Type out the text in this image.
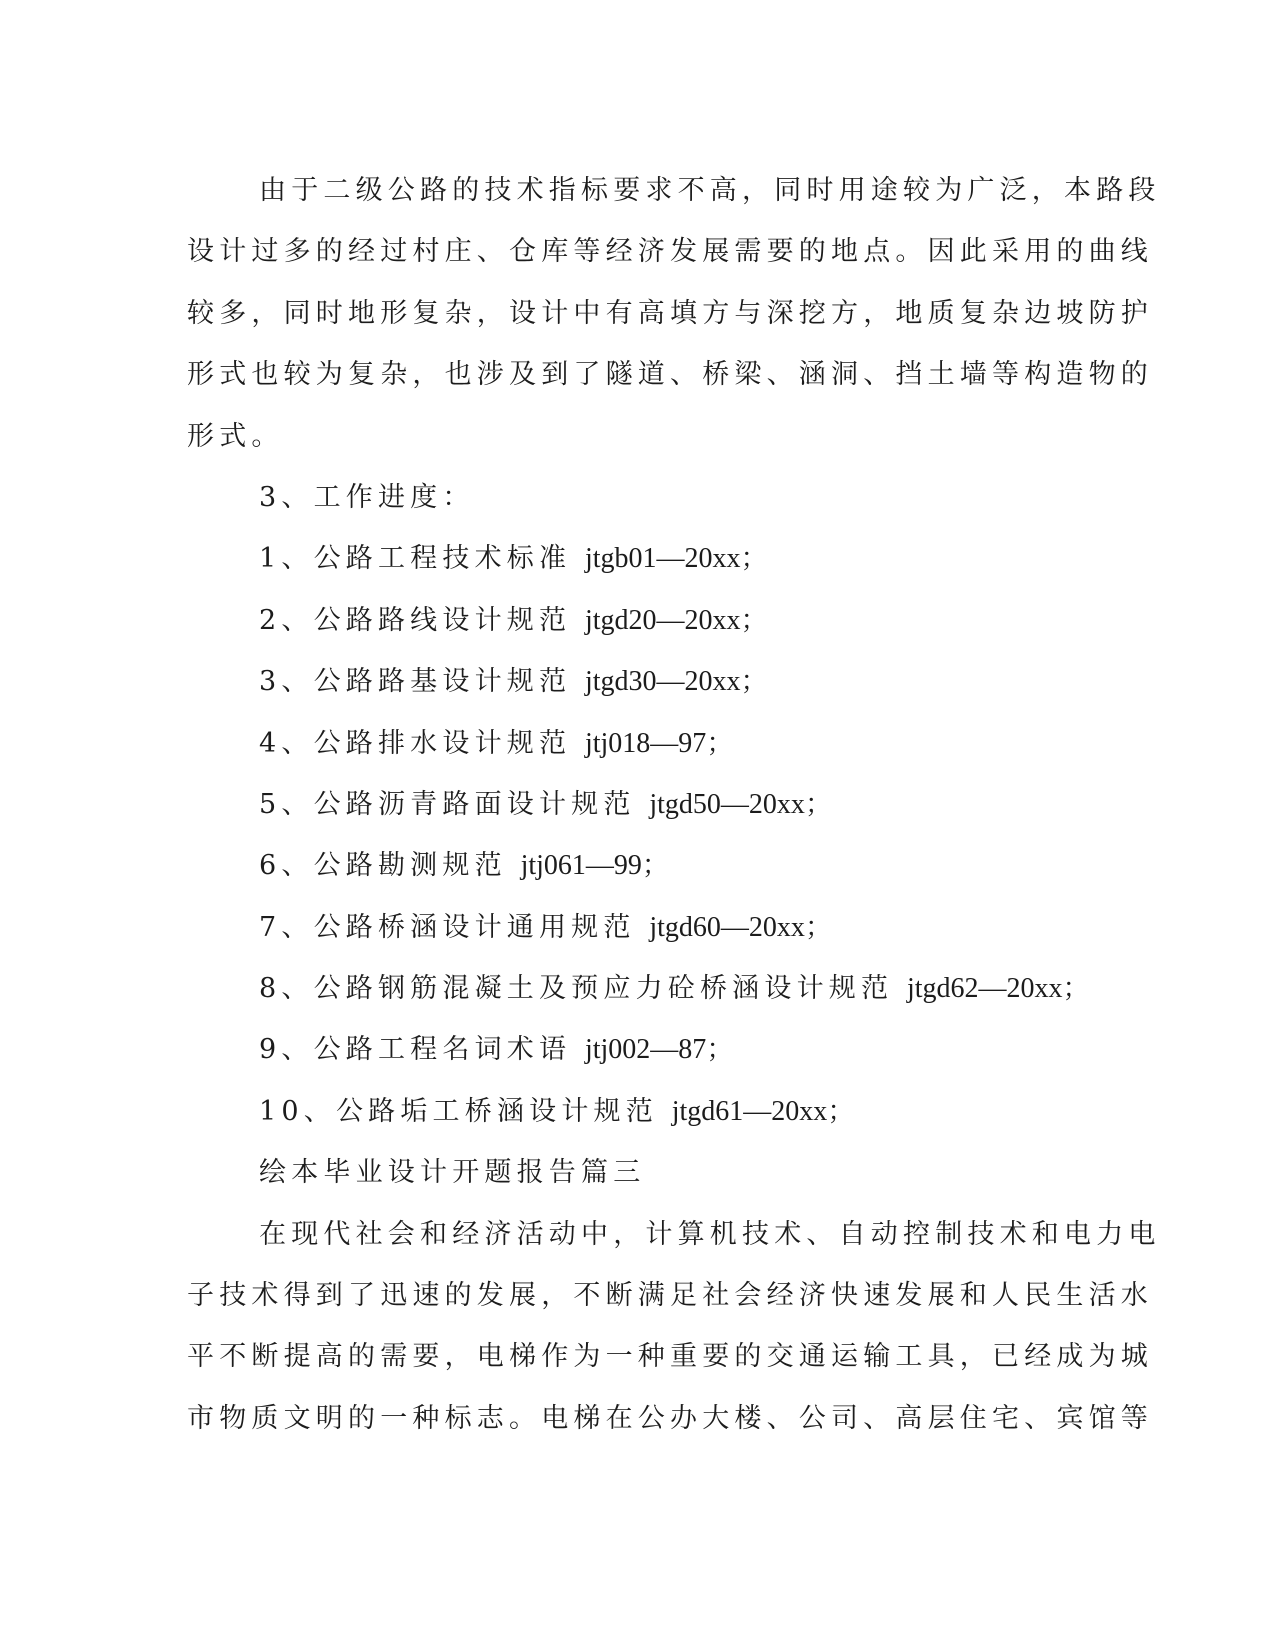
由于二级公路的技术指标要求不高，同时用途较为广泛，本路段
设计过多的经过村庄、仓库等经济发展需要的地点。因此采用的曲线
较多，同时地形复杂，设计中有高填方与深挖方，地质复杂边坡防护
形式也较为复杂，也涉及到了隧道、桥梁、涵洞、挡土墙等构造物的
形式。
3、工作进度：
1、公路工程技术标准 jtgb01—20xx；
2、公路路线设计规范 jtgd20—20xx；
3、公路路基设计规范 jtgd30—20xx；
4、公路排水设计规范 jtj018—97；
5、公路沥青路面设计规范 jtgd50—20xx；
6、公路勘测规范 jtj061—99；
7、公路桥涵设计通用规范 jtgd60—20xx；
8、公路钢筋混凝土及预应力砼桥涵设计规范 jtgd62—20xx；
9、公路工程名词术语 jtj002—87；
10、公路垢工桥涵设计规范 jtgd61—20xx；
绘本毕业设计开题报告篇三
在现代社会和经济活动中，计算机技术、自动控制技术和电力电
子技术得到了迅速的发展，不断满足社会经济快速发展和人民生活水
平不断提高的需要，电梯作为一种重要的交通运输工具，已经成为城
市物质文明的一种标志。电梯在公办大楼、公司、高层住宅、宾馆等
